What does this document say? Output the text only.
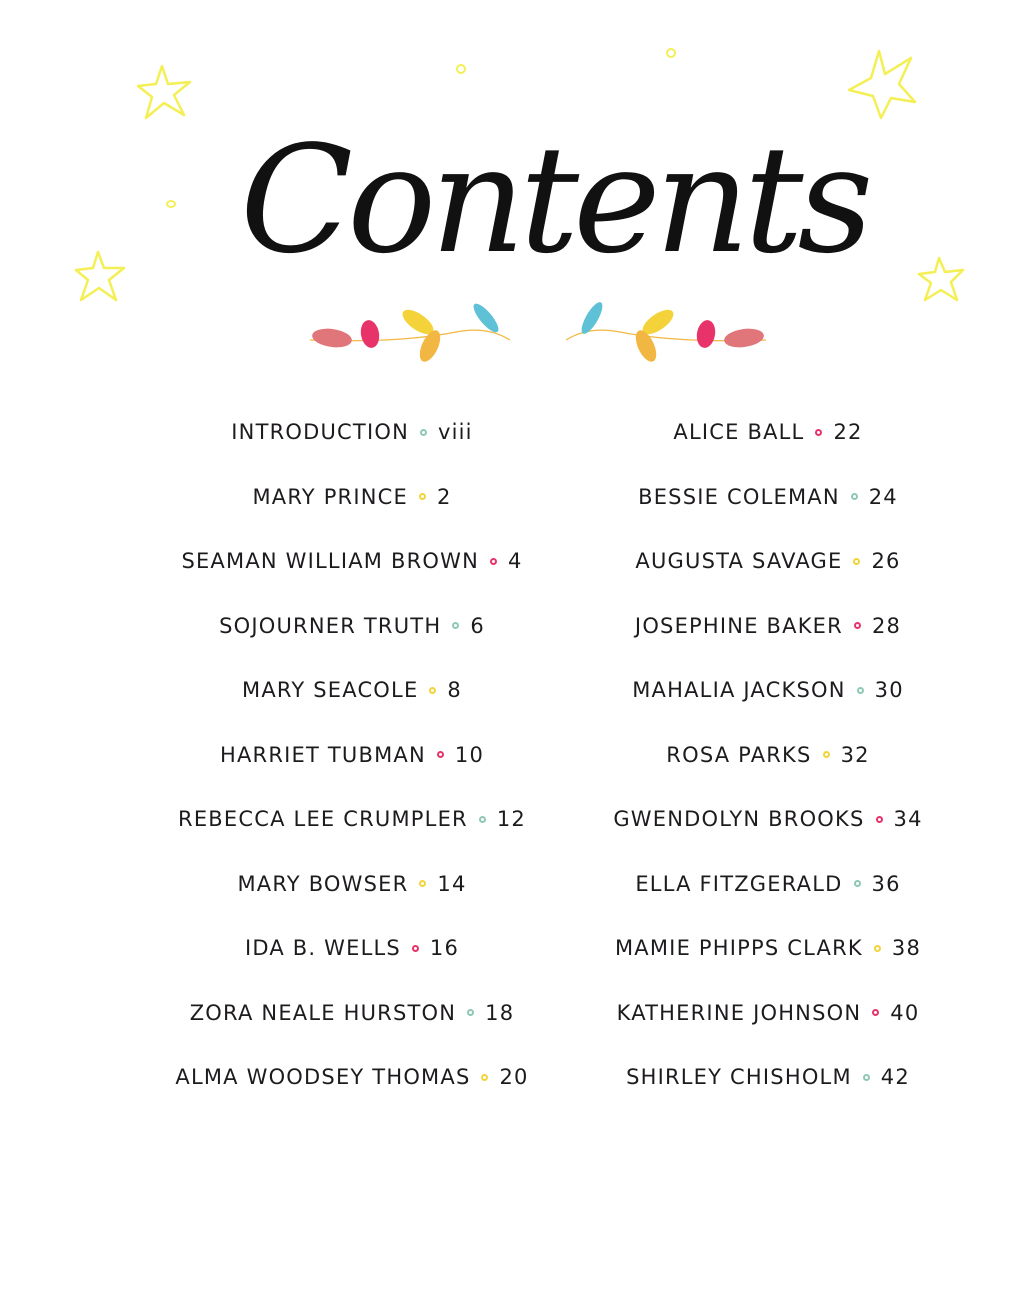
Contents
INTRODUCTION viii
MARY PRINCE 2
SEAMAN WILLIAM BROWN 4
SOJOURNER TRUTH 6
MARY SEACOLE 8
HARRIET TUBMAN 10
REBECCA LEE CRUMPLER 12
MARY BOWSER 14
IDA B. WELLS 16
ZORA NEALE HURSTON 18
ALMA WOODSEY THOMAS 20
ALICE BALL 22
BESSIE COLEMAN 24
AUGUSTA SAVAGE 26
JOSEPHINE BAKER 28
MAHALIA JACKSON 30
ROSA PARKS 32
GWENDOLYN BROOKS 34
ELLA FITZGERALD 36
MAMIE PHIPPS CLARK 38
KATHERINE JOHNSON 40
SHIRLEY CHISHOLM 42
